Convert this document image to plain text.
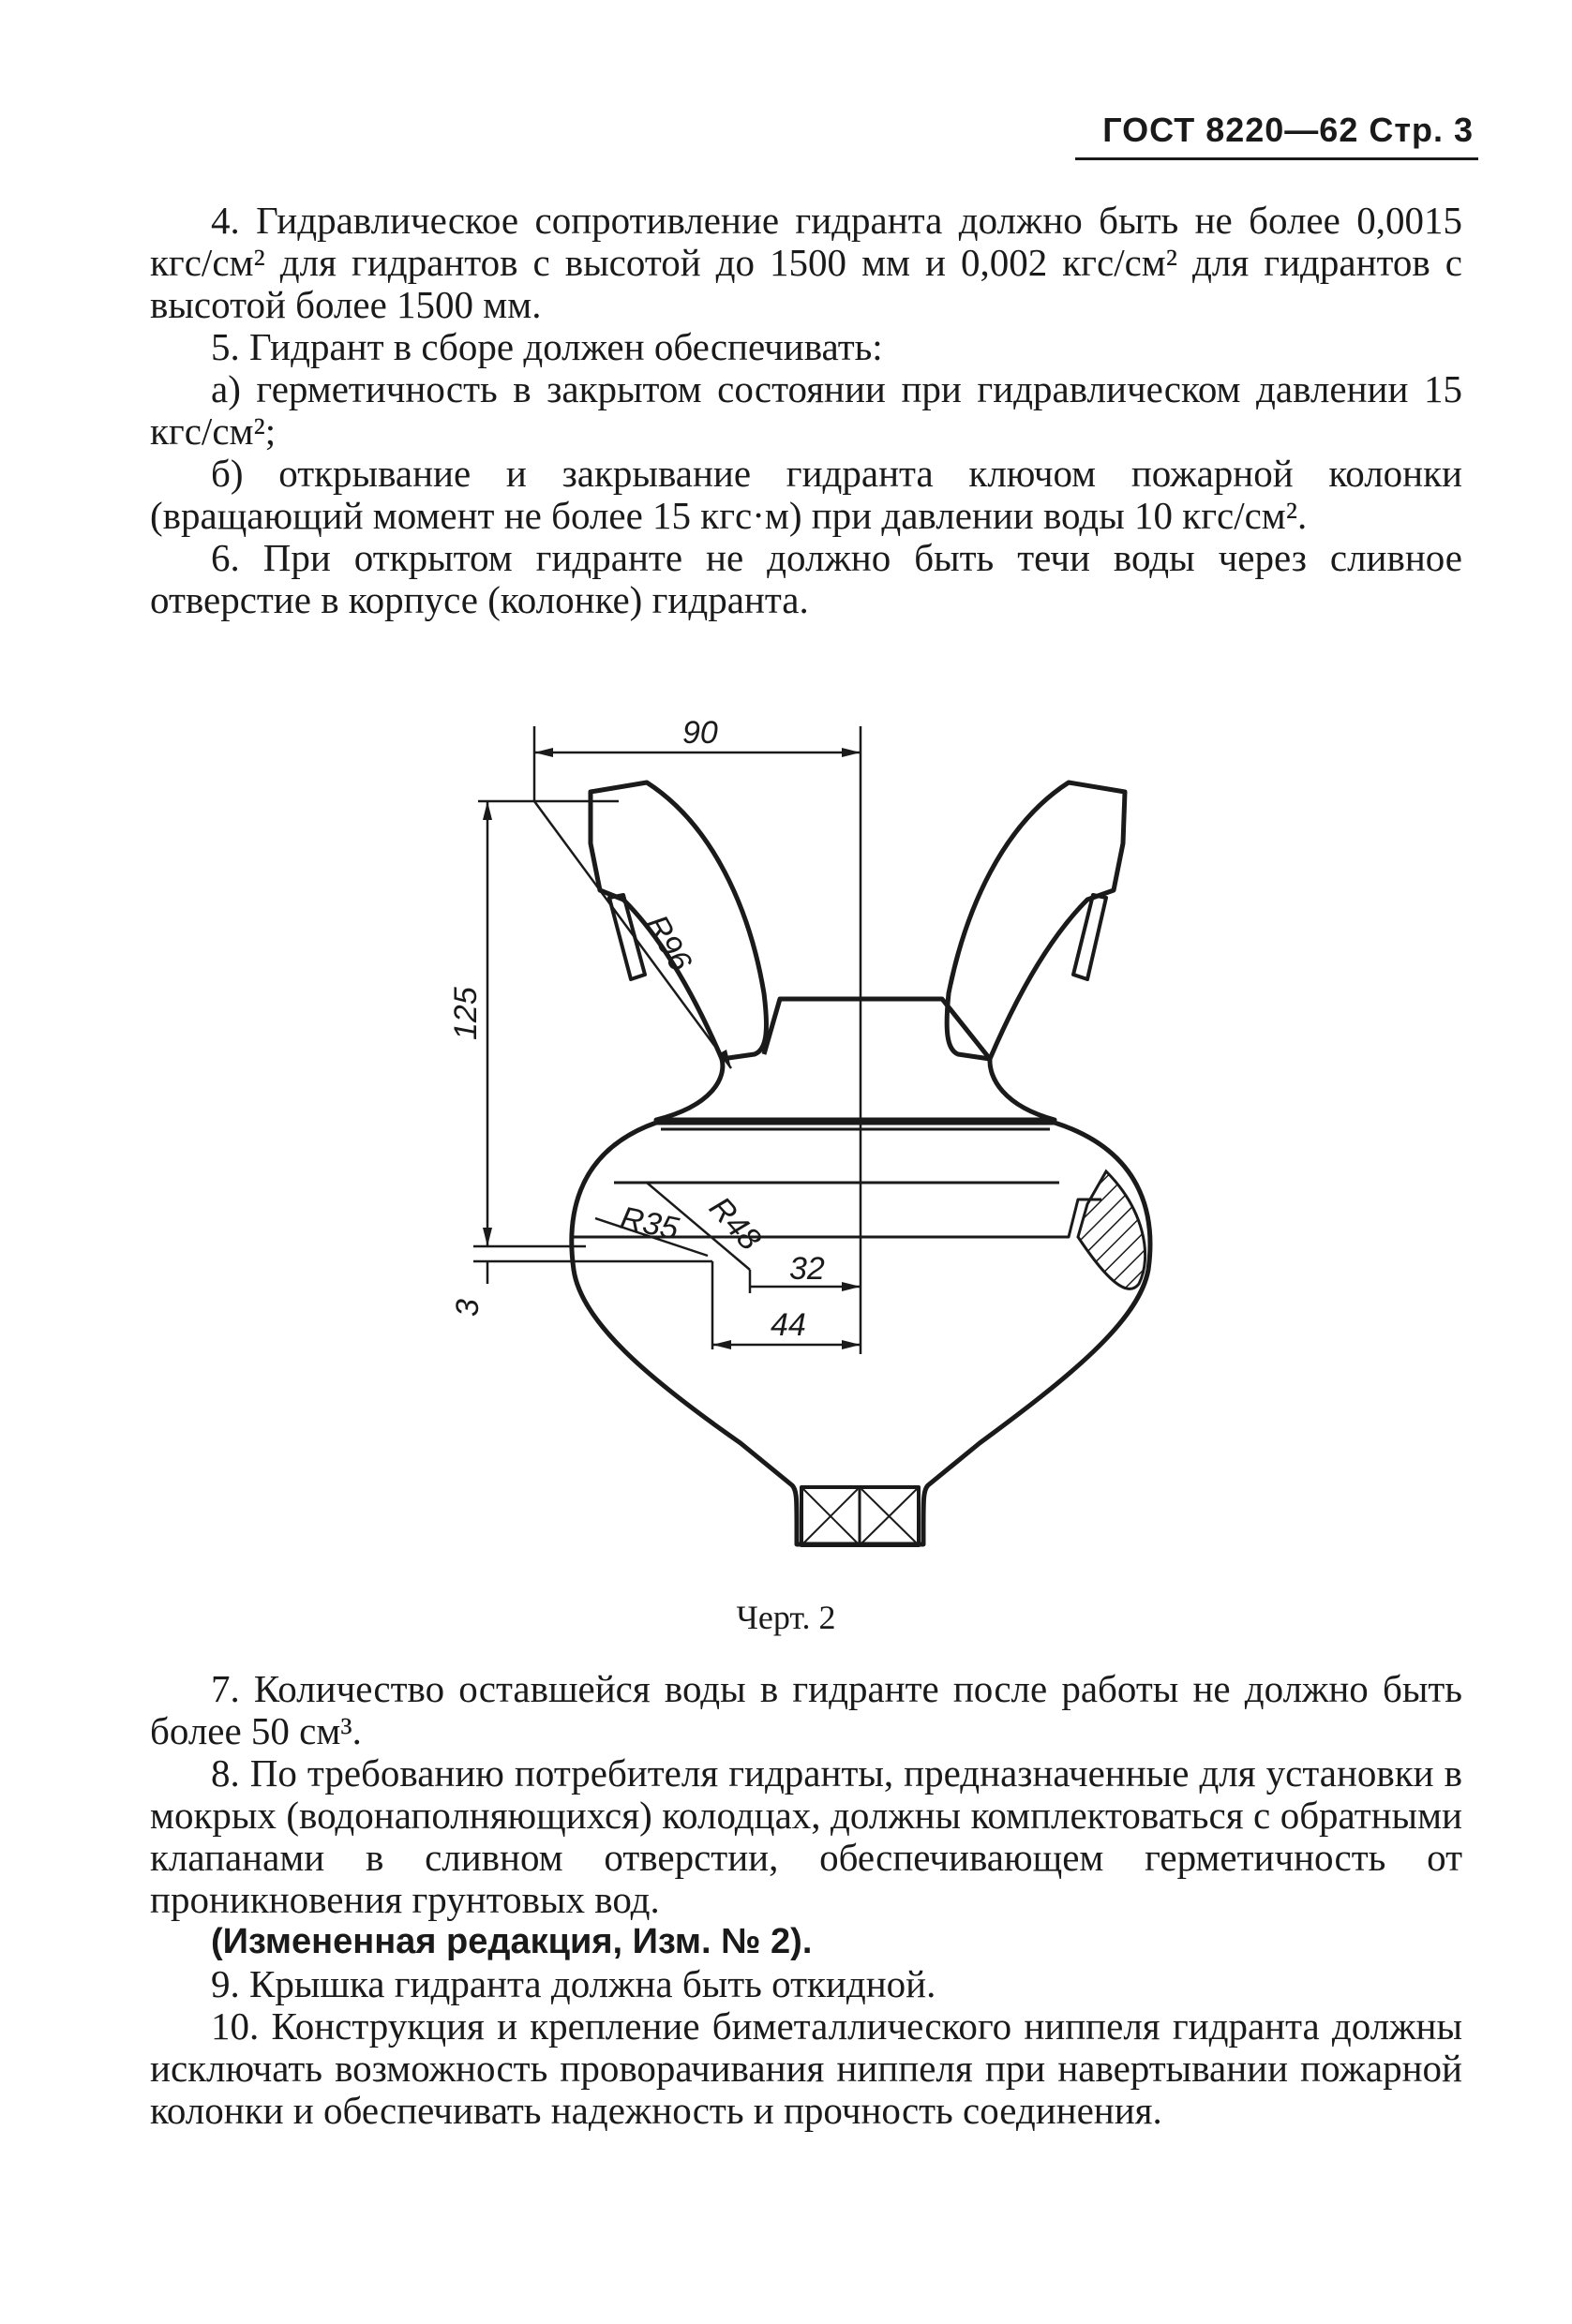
ГОСТ 8220—62 Стр. 3

4. Гидравлическое сопротивление гидранта должно быть не более 0,0015 кгс/см² для гидрантов с высотой до 1500 мм и 0,002 кгс/см² для гидрантов с высотой более 1500 мм.

5. Гидрант в сборе должен обеспечивать:

а) герметичность в закрытом состоянии при гидравлическом давлении 15 кгс/см²;

б) открывание и закрывание гидранта ключом пожарной колонки (вращающий момент не более 15 кгс·м) при давлении воды 10 кгс/см².

6. При открытом гидранте не должно быть течи воды через сливное отверстие в корпусе (колонке) гидранта.

90
125
R96
R35 R48
32
44
3
Черт. 2

7. Количество оставшейся воды в гидранте после работы не должно быть более 50 см³.

8. По требованию потребителя гидранты, предназначенные для установки в мокрых (водонаполняющихся) колодцах, должны комплектоваться с обратными клапанами в сливном отверстии, обеспечивающем герметичность от проникновения грунтовых вод.

(Измененная редакция, Изм. № 2).

9. Крышка гидранта должна быть откидной.

10. Конструкция и крепление биметаллического ниппеля гидранта должны исключать возможность проворачивания ниппеля при навертывании пожарной колонки и обеспечивать надежность и прочность соединения.
